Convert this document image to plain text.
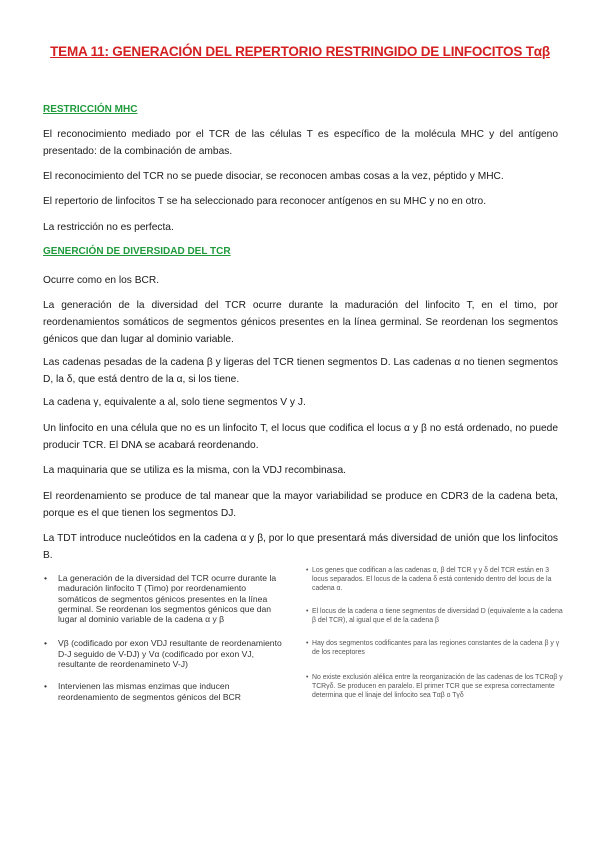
TEMA 11: GENERACIÓN DEL REPERTORIO RESTRINGIDO DE LINFOCITOS Tαβ
RESTRICCIÓN MHC
El reconocimiento mediado por el TCR de las células T es específico de la molécula MHC y del antígeno presentado: de la combinación de ambas.
El reconocimiento del TCR no se puede disociar, se reconocen ambas cosas a la vez, péptido y MHC.
El repertorio de linfocitos T se ha seleccionado para reconocer antígenos en su MHC y no en otro.
La restricción no es perfecta.
GENERCIÓN DE DIVERSIDAD DEL TCR
Ocurre como en los BCR.
La generación de la diversidad del TCR ocurre durante la maduración del linfocito T, en el timo, por reordenamientos somáticos de segmentos génicos presentes en la línea germinal. Se reordenan los segmentos génicos que dan lugar al dominio variable.
Las cadenas pesadas de la cadena β y ligeras del TCR tienen segmentos D. Las cadenas α no tienen segmentos D, la δ, que está dentro de la α, si los tiene.
La cadena γ, equivalente a al, solo tiene segmentos V y J.
Un linfocito en una célula que no es un linfocito T, el locus que codifica el locus α y β no está ordenado, no puede producir TCR. El DNA se acabará reordenando.
La maquinaria que se utiliza es la misma, con la VDJ recombinasa.
El reordenamiento se produce de tal manear que la mayor variabilidad se produce en CDR3 de la cadena beta, porque es el que tienen los segmentos DJ.
La TDT introduce nucleótidos en la cadena α y β, por lo que presentará más diversidad de unión que los linfocitos B.
• La generación de la diversidad del TCR ocurre durante la maduración linfocito T (Timo) por reordenamiento somáticos de segmentos génicos presentes en la línea germinal. Se reordenan los segmentos génicos que dan lugar al dominio variable de la cadena α y β
• Vβ (codificado por exon VDJ resultante de reordenamiento D-J seguido de V-DJ) y Vα (codificado por exon VJ, resultante de reordenamineto V-J)
• Intervienen las mismas enzimas que inducen reordenamiento de segmentos génicos del BCR
• Los genes que codifican a las cadenas α, β del TCR γ y δ del TCR están en 3 locus separados. El locus de la cadena δ está contenido dentro del locus de la cadena α.
• El locus de la cadena α tiene segmentos de diversidad D (equivalente a la cadena β del TCR), al igual que el de la cadena β
• Hay dos segmentos codificantes para las regiones constantes de la cadena β y γ de los receptores
• No existe exclusión alélica entre la reorganización de las cadenas de los TCRαβ y TCRγδ. Se producen en paralelo. El primer TCR que se expresa correctamente determina que el linaje del linfocito sea Tαβ o Tγδ
